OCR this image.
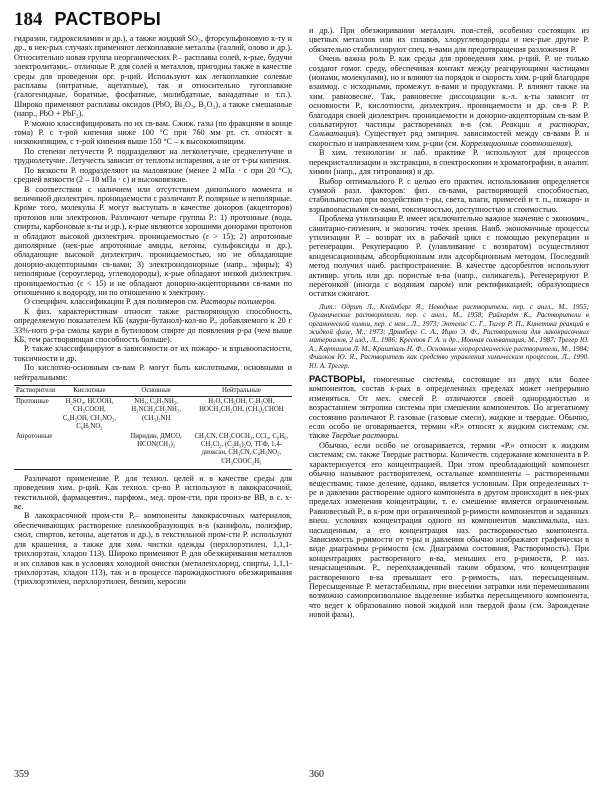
184 РАСТВОРЫ

гидразин, гидроксиламин и др.), а также жидкий SO₂, фторсульфоновую к-ту и др., в нек-рых случаях применяют легкоплавкие металлы (галлий, олово и др.). Относительно новая группа неорганических Р.– расплавы солей, к-рые, будучи электролитами,– отличные Р. для солей и металлов, пригодны также в качестве среды для проведения орг. р-ций. Используют как легкоплавкие солевые расплавы (нитратные, ацетатные), так и относительно тугоплавкие (галогенидные, боратные, фосфатные, молибдатные, ванадатные и т.п.). Широко применяют расплавы оксидов (PbO, Bi₂O₃, B₂O₃), а также смешанные (напр., PbO + PbF₂).

Р. можно классифицировать по их св-вам. Сжиж. газы (по фракциям в конце тома) Р. с т-рой кипения ниже 100 °С при 760 мм рт. ст. относят к низкокипящим, с т-рой кипения выше 150 °С – к высококипящим.

По степени летучести Р. подразделяют на легколетучие, среднелетучие и труднолетучие. Летучесть зависит от теплоты испарения, а не от т-ры кипения.

По вязкости Р. подразделяют на маловязкие (менее 2 мПа · с при 20 °С), средней вязкости (2 – 10 мПа · с) и высоковязкие.

В соответствии с наличием или отсутствием дипольного момента и величиной диэлектрич. проницаемости ε различают Р. полярные и неполярные. Кроме того, молекулы Р. могут выступать в качестве доноров (акцепторов) протонов или электронов. Различают четыре группы Р.: 1) протонные (вода, спирты, карбоновые к-ты и др.), к-рые являются хорошими донорами протонов и обладают высокой диэлектрич. проницаемостью (ε > 15); 2) апротонные диполярные (нек-рые апротонные амиды, кетоны, сульфоксиды и др.), обладающие высокой диэлектрич. проницаемостью, но не обладающие донорно-акцепторными св-вами; 3) электронодонорные (напр., эфиры); 4) неполярные (сероуглерод, углеводороды), к-рые обладают низкой диэлектрич. проницаемостью (ε < 15) и не обладают донорно-акцепторными св-вами по отношению к водороду, ни по отношению к электрону.

О специфич. классификации Р. для полимеров см. Растворы полимеров.

К физ. характеристикам относят также растворяющую способность, определяемую показателем КБ (каури-бутанол)-кол-во Р., добавляемого к 20 г 33%-ного р-ра смолы каури в бутиловом спирте до появления р-ра (чем выше КБ, тем растворяющая способность больше).

Р. также классифицируют в зависимости от их пожаро- и взрывоопасности, токсичности и др.

По кислотно-основным св-вам Р. могут быть кислотными, основными и нейтральными:

Растворители	Кислотные	Основные	Нейтральные
Протонные	H₂SO₄, HCOOH, CH₃COOH, C₆H₅OH, CH₃NO₂, C₆H₅NO₂	NH₃, C₆H₅NH₂, H₂NCH₂CH₂NH₂, (CH₃)₂NH	H₂O, CH₃OH, C₂H₅OH, HOCH₂CH₂OH, (CH₃)₂CHOH
Апротонные		Пиридин, ДМСО, HCON(CH₃)₂	CH₃CN, CH₃COCH₃, CCl₄, C₆H₆, CH₂Cl₂, (C₂H₅)₂O, ТГФ, 1,4-диоксан, CH₃CN, C₆H₅NO₂, CH₃COOC₂H₅

Различают применение Р. для технол. целей и в качестве среды для проведения хим. р-ций. Как технол. ср-во Р. используют в лакокрасочной, текстильной, фармацевтич., парфюм., мед. пром-сти, при произ-ве ВВ, в с. х-ве.

В лакокрасочной пром-сти Р.– компоненты лакокрасочных материалов, обеспечивающих растворение пленкообразующих в-в (канифоль, полиэфир, смол, спиртов, кетоны, ацетатов и др.), в текстильной пром-сти Р. используют для крашения, а также для хим. чистки одежды (перхлорэтилен, 1,1,1-трихлорэтан, хладон 113). Широко применяют Р. для обезжиривания металлов и их сплавов как в условиях холодной очистки (метиленхлорид, спирты, 1,1,1-трихлорэтан, хладон 113), так и в процессе парожидкостного обезжиривания (трихлорэтилен, перхлорэтилен, бензин, керосин

и др.). При обезжиривании металлич. пов-стей, особенно состоящих из цветных металлов или их сплавов, хлоруглеводороды и нек-рые другие Р. обязательно стабилизируют спец. в-вами для предотвращения разложения Р.

Очень важна роль Р. как среды для проведения хим. р-ций. Р. не только создают гомог. среду, обеспечивая контакт между реагирующими частицами (ионами, молекулами), но и влияют на порядок и скорость хим. р-ций благодаря взаимод. с исходными, промежут. в-вами и продуктами. Р. влияют также на хим. равновесие. Так, равновесие диссоциации к.-л. к-ты зависит от основности Р., кислотности, диэлектрич. проницаемости и др. св-в Р. Р. благодаря своей диэлектрич. проницаемости и донорно-акцепторным св-вам Р. сольватируют частицы растворенных в-в (см. Реакции в растворах, Сольватация). Существует ряд эмпирич. зависимостей между св-вами Р. и скоростью и направлением хим. р-ции (см. Корреляционные соотношения).

В хим. технологии и лаб. практике Р. используют для процессов перекристаллизации и экстракции, в спектроскопии и хроматографии, в аналит. химии (напр., для титрования) и др.

Выбор оптимального Р. с целью его практич. использования определяется суммой разл. факторов: физ. св-вами, растворяющей способностью, стабильностью при воздействии т-ры, света, влаги, примесей и т. п., пожаро- и взрывоопасными св-вами, токсичностью, доступностью и стоимостью.

Проблема утилизации Р. имеет исключительно важное значение с экономич., санитарно-гигиенич. и экологич. точек зрения. Наиб. экономичные процессы утилизации Р. – возврат их в рабочий цикл с помощью рекуперации и регенерации. Рекуперацию Р. (улавливание с возвратом) осуществляют конденсационным, абсорбционным или адсорбционным методом. Последний метод получил наиб. распространение. В качестве адсорбентов используют активир. уголь или др. пористые в-ва (напр., силикагель). Регенерируют Р. перегонкой (иногда с водяным паром) или ректификацией; образующиеся остатки сжигают.

Лит.: Одрит Л., Клейнберг Я., Неводные растворители, пер. с англ., М., 1955; Органические растворители, пер. с англ., М., 1958; Райхардт К., Растворители в органической химии, пер. с нем., Л., 1973; Энтелис С. Г., Тигер Р. П., Кинетика реакций в жидкой фазе, М., 1973; Дринберг С. А., Ицко Э. Ф., Растворители для лакокрасочных материалов, 2 изд., Л., 1986; Крестов Г. А. и др., Ионная сольватация, М., 1987; Трегер Ю. А., Карташов Л. М., Кришталь Н. Ф., Основные хлорорганические растворители, М., 1984; Фиалков Ю. Я., Растворитель как средство управления химическим процессом, Л., 1990. Ю. А. Трегер.

РАСТВОРЫ, гомогенные системы, состоящие из двух или более компонентов, состав к-рых в определенных пределах может непрерывно изменяться. От мех. смесей Р. отличаются своей однородностью и возрастанием энтропии системы при смешении компонентов. По агрегатному состоянию различают Р. газовые (газовые смеси), жидкие и твердые. Обычно, если особо не оговаривается, термин «Р.» относят к жидким системам; см. также Твердые растворы.

Обычно, если особо не оговаривается, термин «Р.» относят к жидким системам; см. также Твердые растворы. Количеств. содержание компонента в Р. характеризуется его концентрацией. При этом преобладающий компонент обычно называют растворителем, остальные компоненты – растворенными веществами; такое деление, однако, является условным. При определенных т-ре и давлении растворение одного компонента в другом происходит в нек-рых пределах изменения концентрации, т. е. смешение является ограниченным. Равновесный Р., в к-ром при ограниченной р-римости компонентов и заданных внеш. условиях концентрация одного из компонентов максимальна, наз. насыщенным, а его концентрация наз. растворимостью компонента. Зависимость р-римости от т-ры и давления обычно изображают графически в виде диаграммы р-римости (см. Диаграмма состояния, Растворимость). При концентрациях растворенного в-ва, меньших его р-римости, Р. наз. ненасыщенным. Р., переохлажденный таким образом, что концентрация растворенного в-ва превышает его р-римость, наз. пересыщенным. Пересыщенные Р. метастабильны, при внесении затравки или перемешивании возможно самопроизвольное выделение избытка пересыщенного компонента, что ведет к образованию новой жидкой или твердой фазы (см. Зарождение новой фазы).

359	360
